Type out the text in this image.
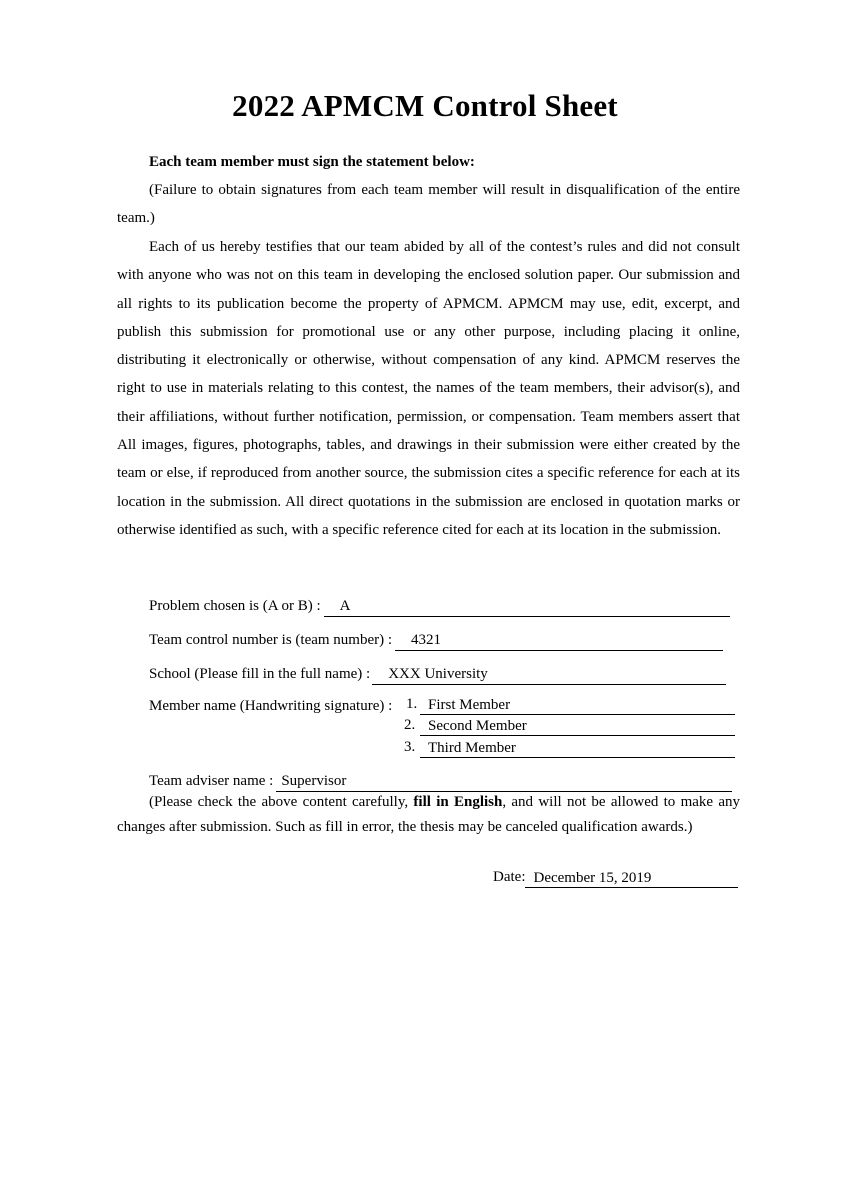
2022 APMCM Control Sheet
Each team member must sign the statement below:
(Failure to obtain signatures from each team member will result in disqualification of the entire team.)
Each of us hereby testifies that our team abided by all of the contest’s rules and did not consult with anyone who was not on this team in developing the enclosed solution paper. Our submission and all rights to its publication become the property of APMCM. APMCM may use, edit, excerpt, and publish this submission for promotional use or any other purpose, including placing it online, distributing it electronically or otherwise, without compensation of any kind. APMCM reserves the right to use in materials relating to this contest, the names of the team members, their advisor(s), and their affiliations, without further notification, permission, or compensation. Team members assert that All images, figures, photographs, tables, and drawings in their submission were either created by the team or else, if reproduced from another source, the submission cites a specific reference for each at its location in the submission. All direct quotations in the submission are enclosed in quotation marks or otherwise identified as such, with a specific reference cited for each at its location in the submission.
Problem chosen is (A or B) : A
Team control number is (team number) : 4321
School (Please fill in the full name) : XXX University
Member name (Handwriting signature) : 1. First Member
2. Second Member
3. Third Member
Team adviser name : Supervisor
(Please check the above content carefully, fill in English, and will not be allowed to make any changes after submission. Such as fill in error, the thesis may be canceled qualification awards.)
Date: December 15, 2019
